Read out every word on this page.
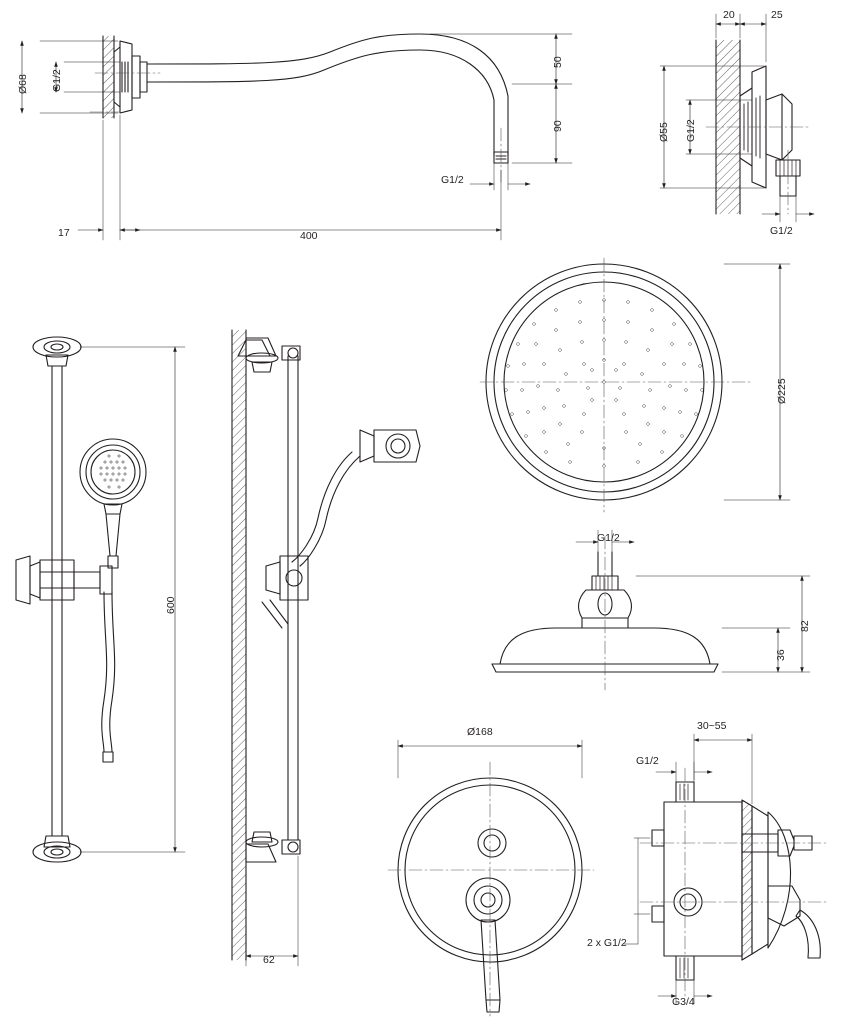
Ø68 G1/2
50
90
G1/2
17	400
20	25
Ø55 G1/2
G1/2
600
62
Ø225
G1/2
82
36
Ø168	30~55
G1/2
2 x G1/2
G3/4
